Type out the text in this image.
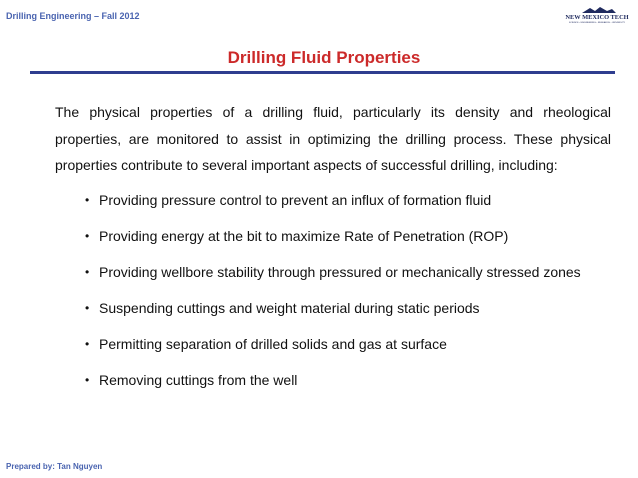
Drilling Engineering – Fall 2012	NEW MEXICO TECH
SCIENCE • ENGINEERING • RESEARCH • UNIVERSITY
Drilling Fluid Properties
The physical properties of a drilling fluid, particularly its density and rheological properties, are monitored to assist in optimizing the drilling process. These physical properties contribute to several important aspects of successful drilling, including:
• Providing pressure control to prevent an influx of formation fluid
• Providing energy at the bit to maximize Rate of Penetration (ROP)
• Providing wellbore stability through pressured or mechanically stressed zones
• Suspending cuttings and weight material during static periods
• Permitting separation of drilled solids and gas at surface
• Removing cuttings from the well
Prepared by: Tan Nguyen
